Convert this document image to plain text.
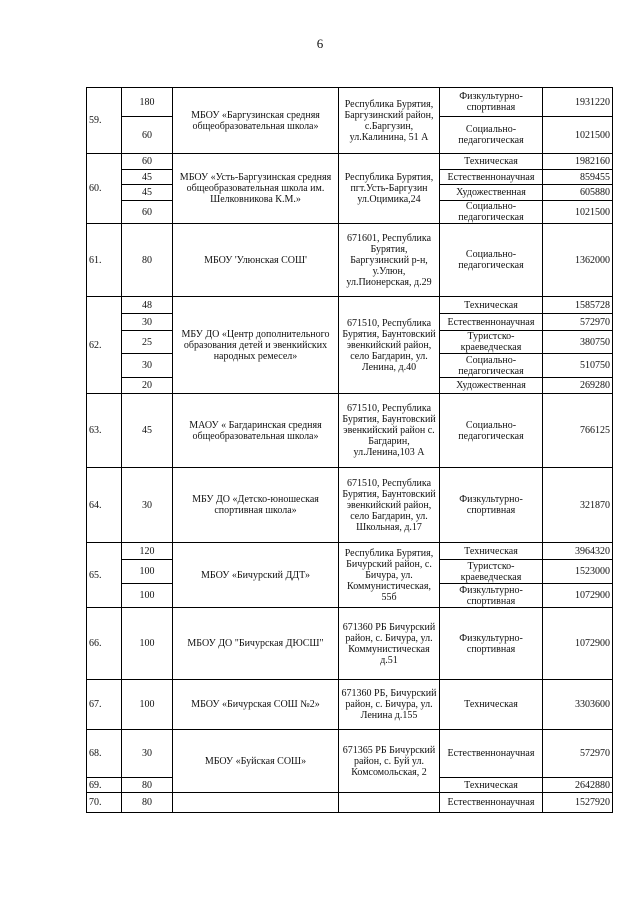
6
59.	180	МБОУ «Баргузинская средняя общеобразовательная школа»	Республика Бурятия, Баргузинский район, с.Баргузин, ул.Калинина, 51 А	Физкультурно-спортивная	1931220
	60			Социально-педагогическая	1021500
60.	60	МБОУ «Усть-Баргузинская средняя общеобразовательная школа им. Шелковникова К.М.»	Республика Бурятия, пгт.Усть-Баргузин ул.Оцимика,24	Техническая	1982160
	45			Естественнонаучная	859455
	45			Художественная	605880
	60			Социально-педагогическая	1021500
61.	80	МБОУ 'Улюнская СОШ'	671601, Республика Бурятия, Баргузинский р-н, у.Улюн, ул.Пионерская, д.29	Социально-педагогическая	1362000
62.	48	МБУ ДО «Центр дополнительного образования детей и эвенкийских народных ремесел»	671510, Республика Бурятия, Баунтовский эвенкийский район, село Багдарин, ул. Ленина, д.40	Техническая	1585728
	30			Естественнонаучная	572970
	25			Туристско-краеведческая	380750
	30			Социально-педагогическая	510750
	20			Художественная	269280
63.	45	МАОУ « Багдаринская средняя общеобразовательная школа»	671510, Республика Бурятия, Баунтовский эвенкийский район с. Багдарин, ул.Ленина,103 А	Социально-педагогическая	766125
64.	30	МБУ ДО «Детско-юношеская спортивная школа»	671510, Республика Бурятия, Баунтовский эвенкийский район, село Багдарин, ул. Школьная, д.17	Физкультурно-спортивная	321870
65.	120	МБОУ «Бичурский ДДТ»	Республика Бурятия, Бичурский район, с. Бичура, ул. Коммунистическая, 55б	Техническая	3964320
	100			Туристско-краеведческая	1523000
	100			Физкультурно-спортивная	1072900
66.	100	МБОУ ДО "Бичурская ДЮСШ"	671360 РБ Бичурский район, с. Бичура, ул. Коммунистическая д.51	Физкультурно-спортивная	1072900
67.	100	МБОУ «Бичурская СОШ №2»	671360 РБ, Бичурский район, с. Бичура, ул. Ленина д.155	Техническая	3303600
68.	30	МБОУ «Буйская СОШ»	671365 РБ Бичурский район, с. Буй ул. Комсомольская, 2	Естественнонаучная	572970
69.	80			Техническая	2642880
70.	80			Естественнонаучная	1527920
